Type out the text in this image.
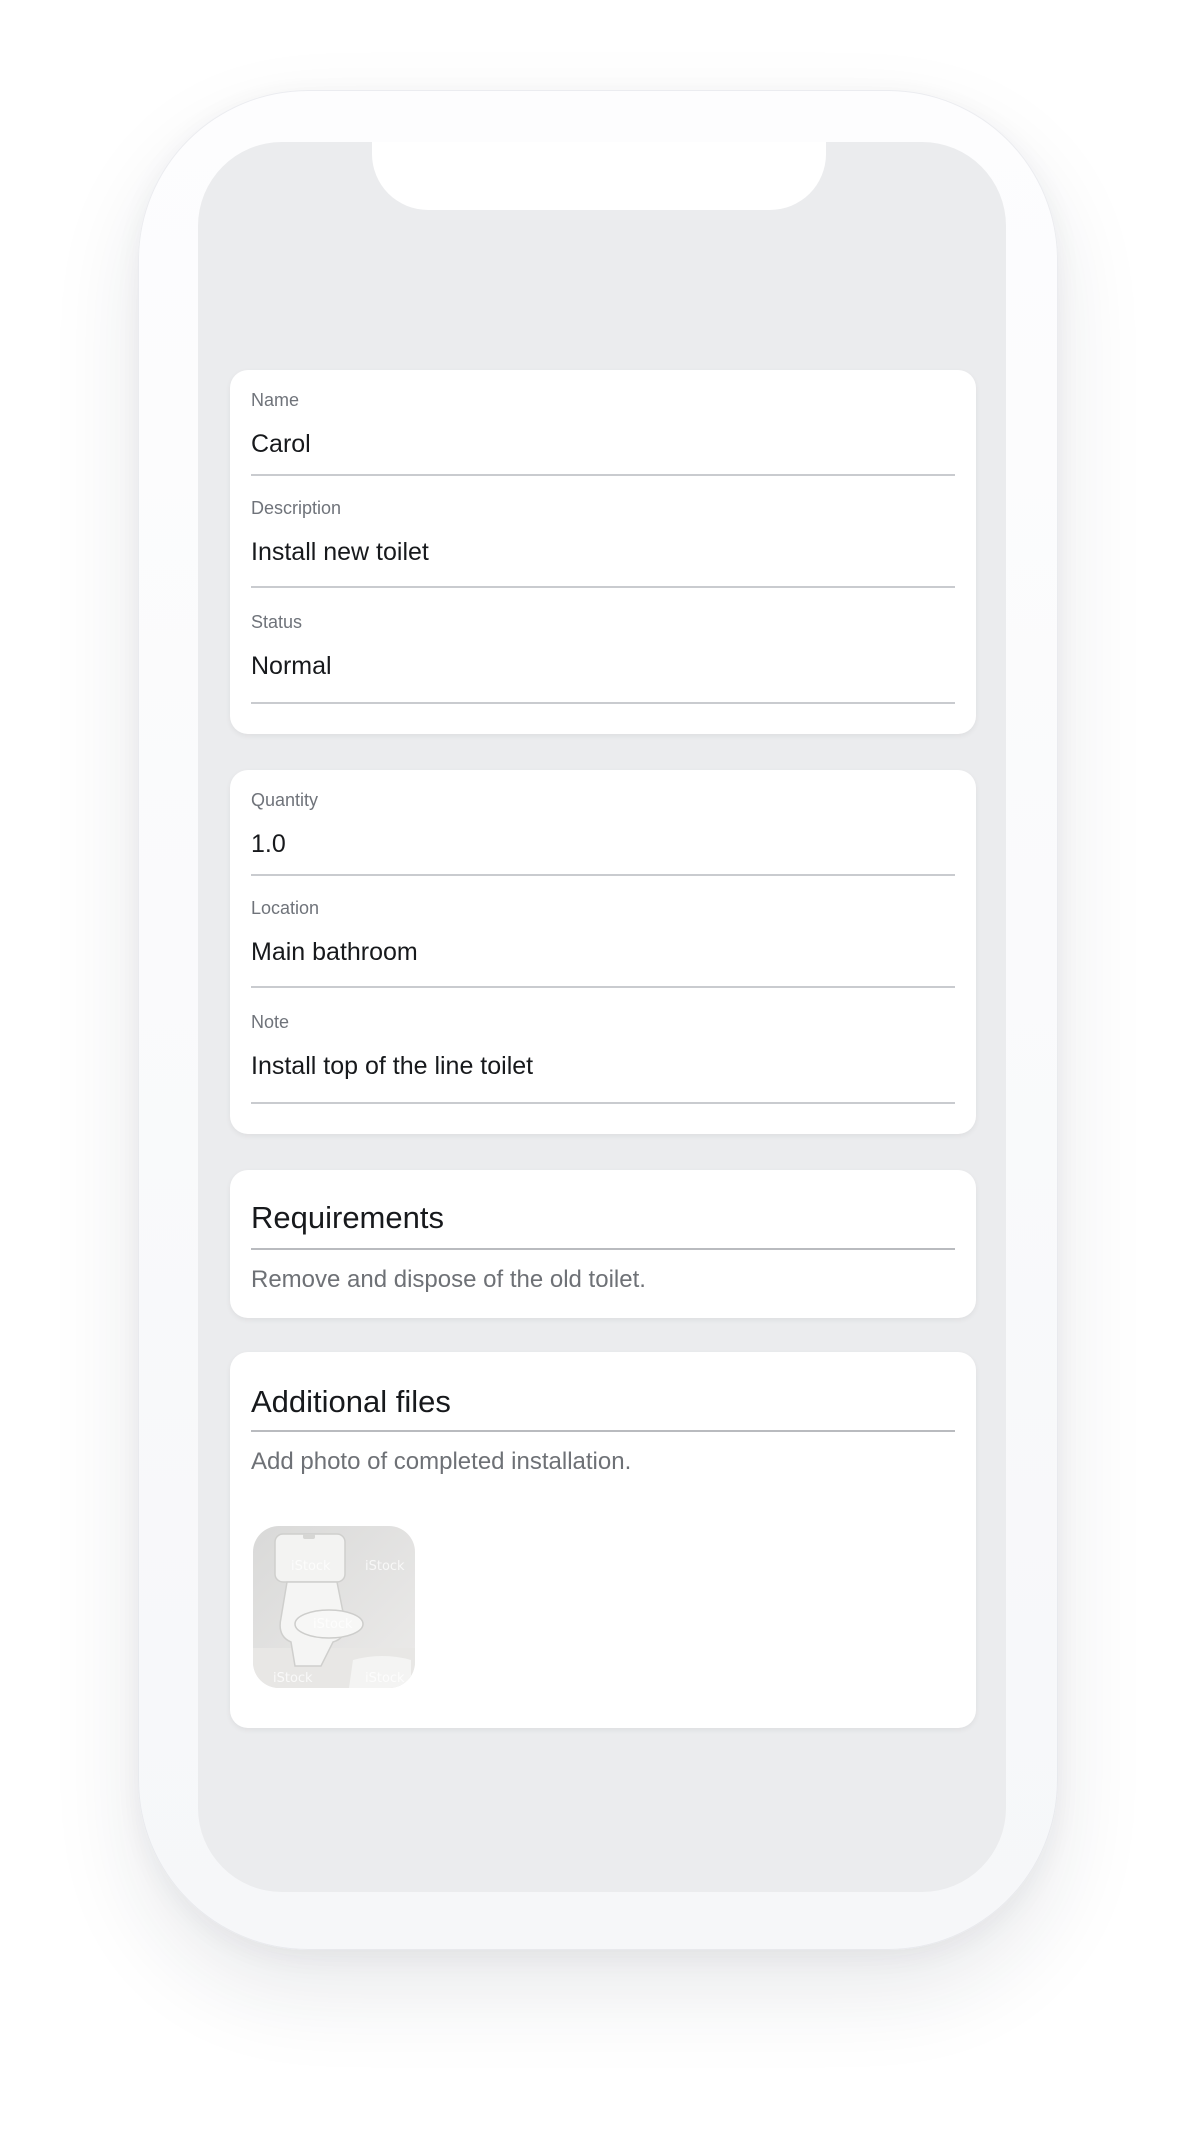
Name
Carol
Description
Install new toilet
Status
Normal
Quantity
1.0
Location
Main bathroom
Note
Install top of the line toilet
Requirements
Remove and dispose of the old toilet.
Additional files
Add photo of completed installation.
iStock	iStock
iStock
iStock
iStock
